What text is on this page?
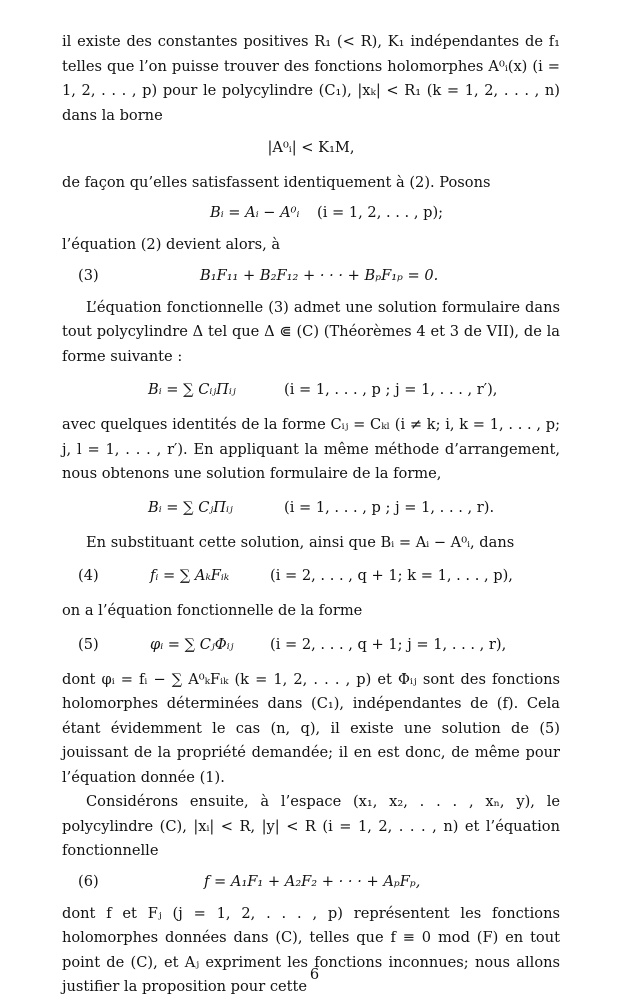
il existe des constantes positives R₁ (< R), K₁ indépendantes de f₁ telles que l’on puisse trouver des fonctions holomorphes A⁰ᵢ(x) (i = 1, 2, . . . , p) pour le polycylindre (C₁), |xₖ| < R₁ (k = 1, 2, . . . , n) dans la borne

|A⁰ᵢ| < K₁M,

de façon qu’elles satisfassent identiquement à (2). Posons

Bᵢ = Aᵢ − A⁰ᵢ (i = 1, 2, . . . , p);

l’équation (2) devient alors, à

(3)	B₁F₁₁ + B₂F₁₂ + · · · + BₚF₁ₚ = 0.

L’équation fonctionnelle (3) admet une solution formulaire dans tout polycylindre Δ tel que Δ ⋐ (C) (Théorèmes 4 et 3 de VII), de la forme suivante :

Bᵢ = ∑ CᵢⱼΠᵢⱼ	(i = 1, . . . , p ; j = 1, . . . , r′),

avec quelques identités de la forme Cᵢⱼ = Cₖₗ (i ≠ k; i, k = 1, . . . , p; j, l = 1, . . . , r′). En appliquant la même méthode d’arrangement, nous obtenons une solution formulaire de la forme,

Bᵢ = ∑ CⱼΠᵢⱼ	(i = 1, . . . , p ; j = 1, . . . , r).

En substituant cette solution, ainsi que Bᵢ = Aᵢ − A⁰ᵢ, dans

(4)	fᵢ = ∑ AₖFᵢₖ	(i = 2, . . . , q + 1; k = 1, . . . , p),

on a l’équation fonctionnelle de la forme

(5)	φᵢ = ∑ CⱼΦᵢⱼ	(i = 2, . . . , q + 1; j = 1, . . . , r),

dont φᵢ = fᵢ − ∑ A⁰ₖFᵢₖ (k = 1, 2, . . . , p) et Φᵢⱼ sont des fonctions holomorphes déterminées dans (C₁), indépendantes de (f). Cela étant évidemment le cas (n, q), il existe une solution de (5) jouissant de la propriété demandée; il en est donc, de même pour l’équation donnée (1).

Considérons ensuite, à l’espace (x₁, x₂, . . . , xₙ, y), le polycylindre (C), |xᵢ| < R, |y| < R (i = 1, 2, . . . , n) et l’équation fonctionnelle

(6)	f = A₁F₁ + A₂F₂ + · · · + AₚFₚ,

dont f et Fⱼ (j = 1, 2, . . . , p) représentent les fonctions holomorphes données dans (C), telles que f ≡ 0 mod (F) en tout point de (C), et Aⱼ expriment les fonctions inconnues; nous allons justifier la proposition pour cette

6
